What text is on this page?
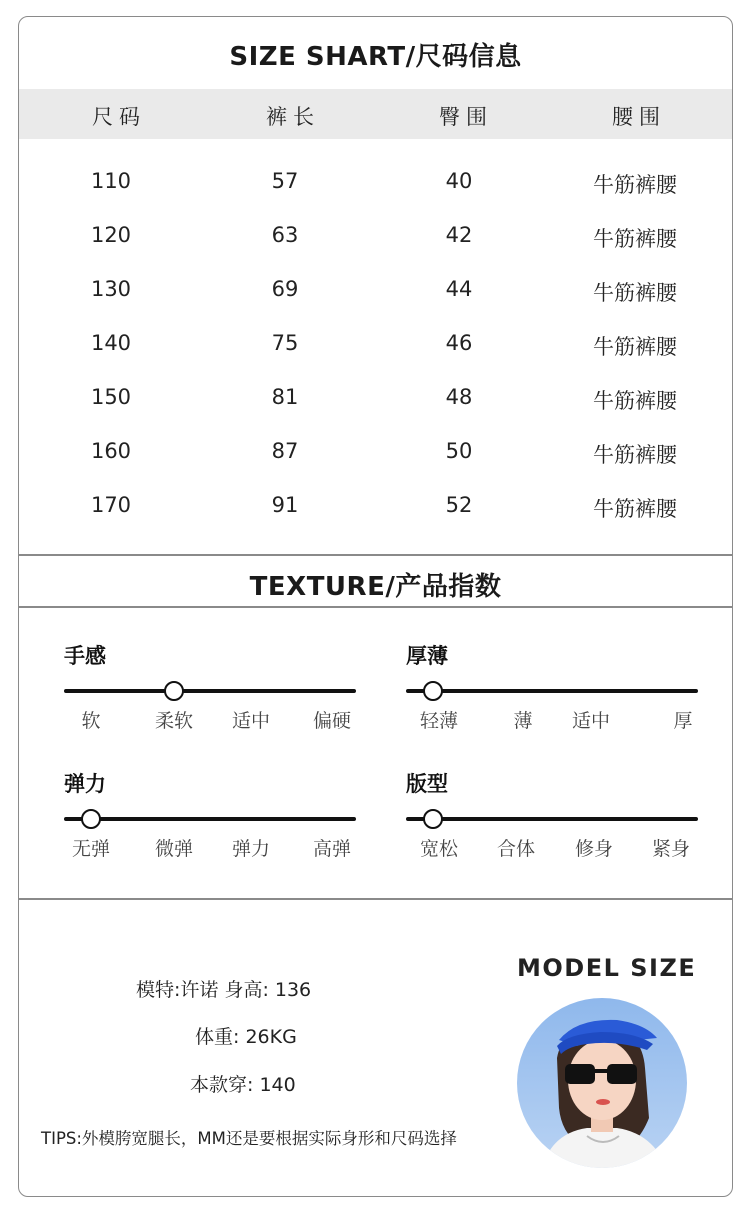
SIZE SHART/尺码信息
尺码	裤长	臀围	腰围
110	57	40	牛筋裤腰
120	63	42	牛筋裤腰
130	69	44	牛筋裤腰
140	75	46	牛筋裤腰
150	81	48	牛筋裤腰
160	87	50	牛筋裤腰
170	91	52	牛筋裤腰
TEXTURE/产品指数
手感
软	柔软 适中 偏硬
厚薄
轻薄	薄 适中	厚
弹力
无弹 微弹 弹力 高弹
版型
宽松 合体 修身 紧身
模特:许诺 身高: 136
体重: 26KG
本款穿: 140
TIPS:外模胯宽腿长，MM还是要根据实际身形和尺码选择
MODEL SIZE
